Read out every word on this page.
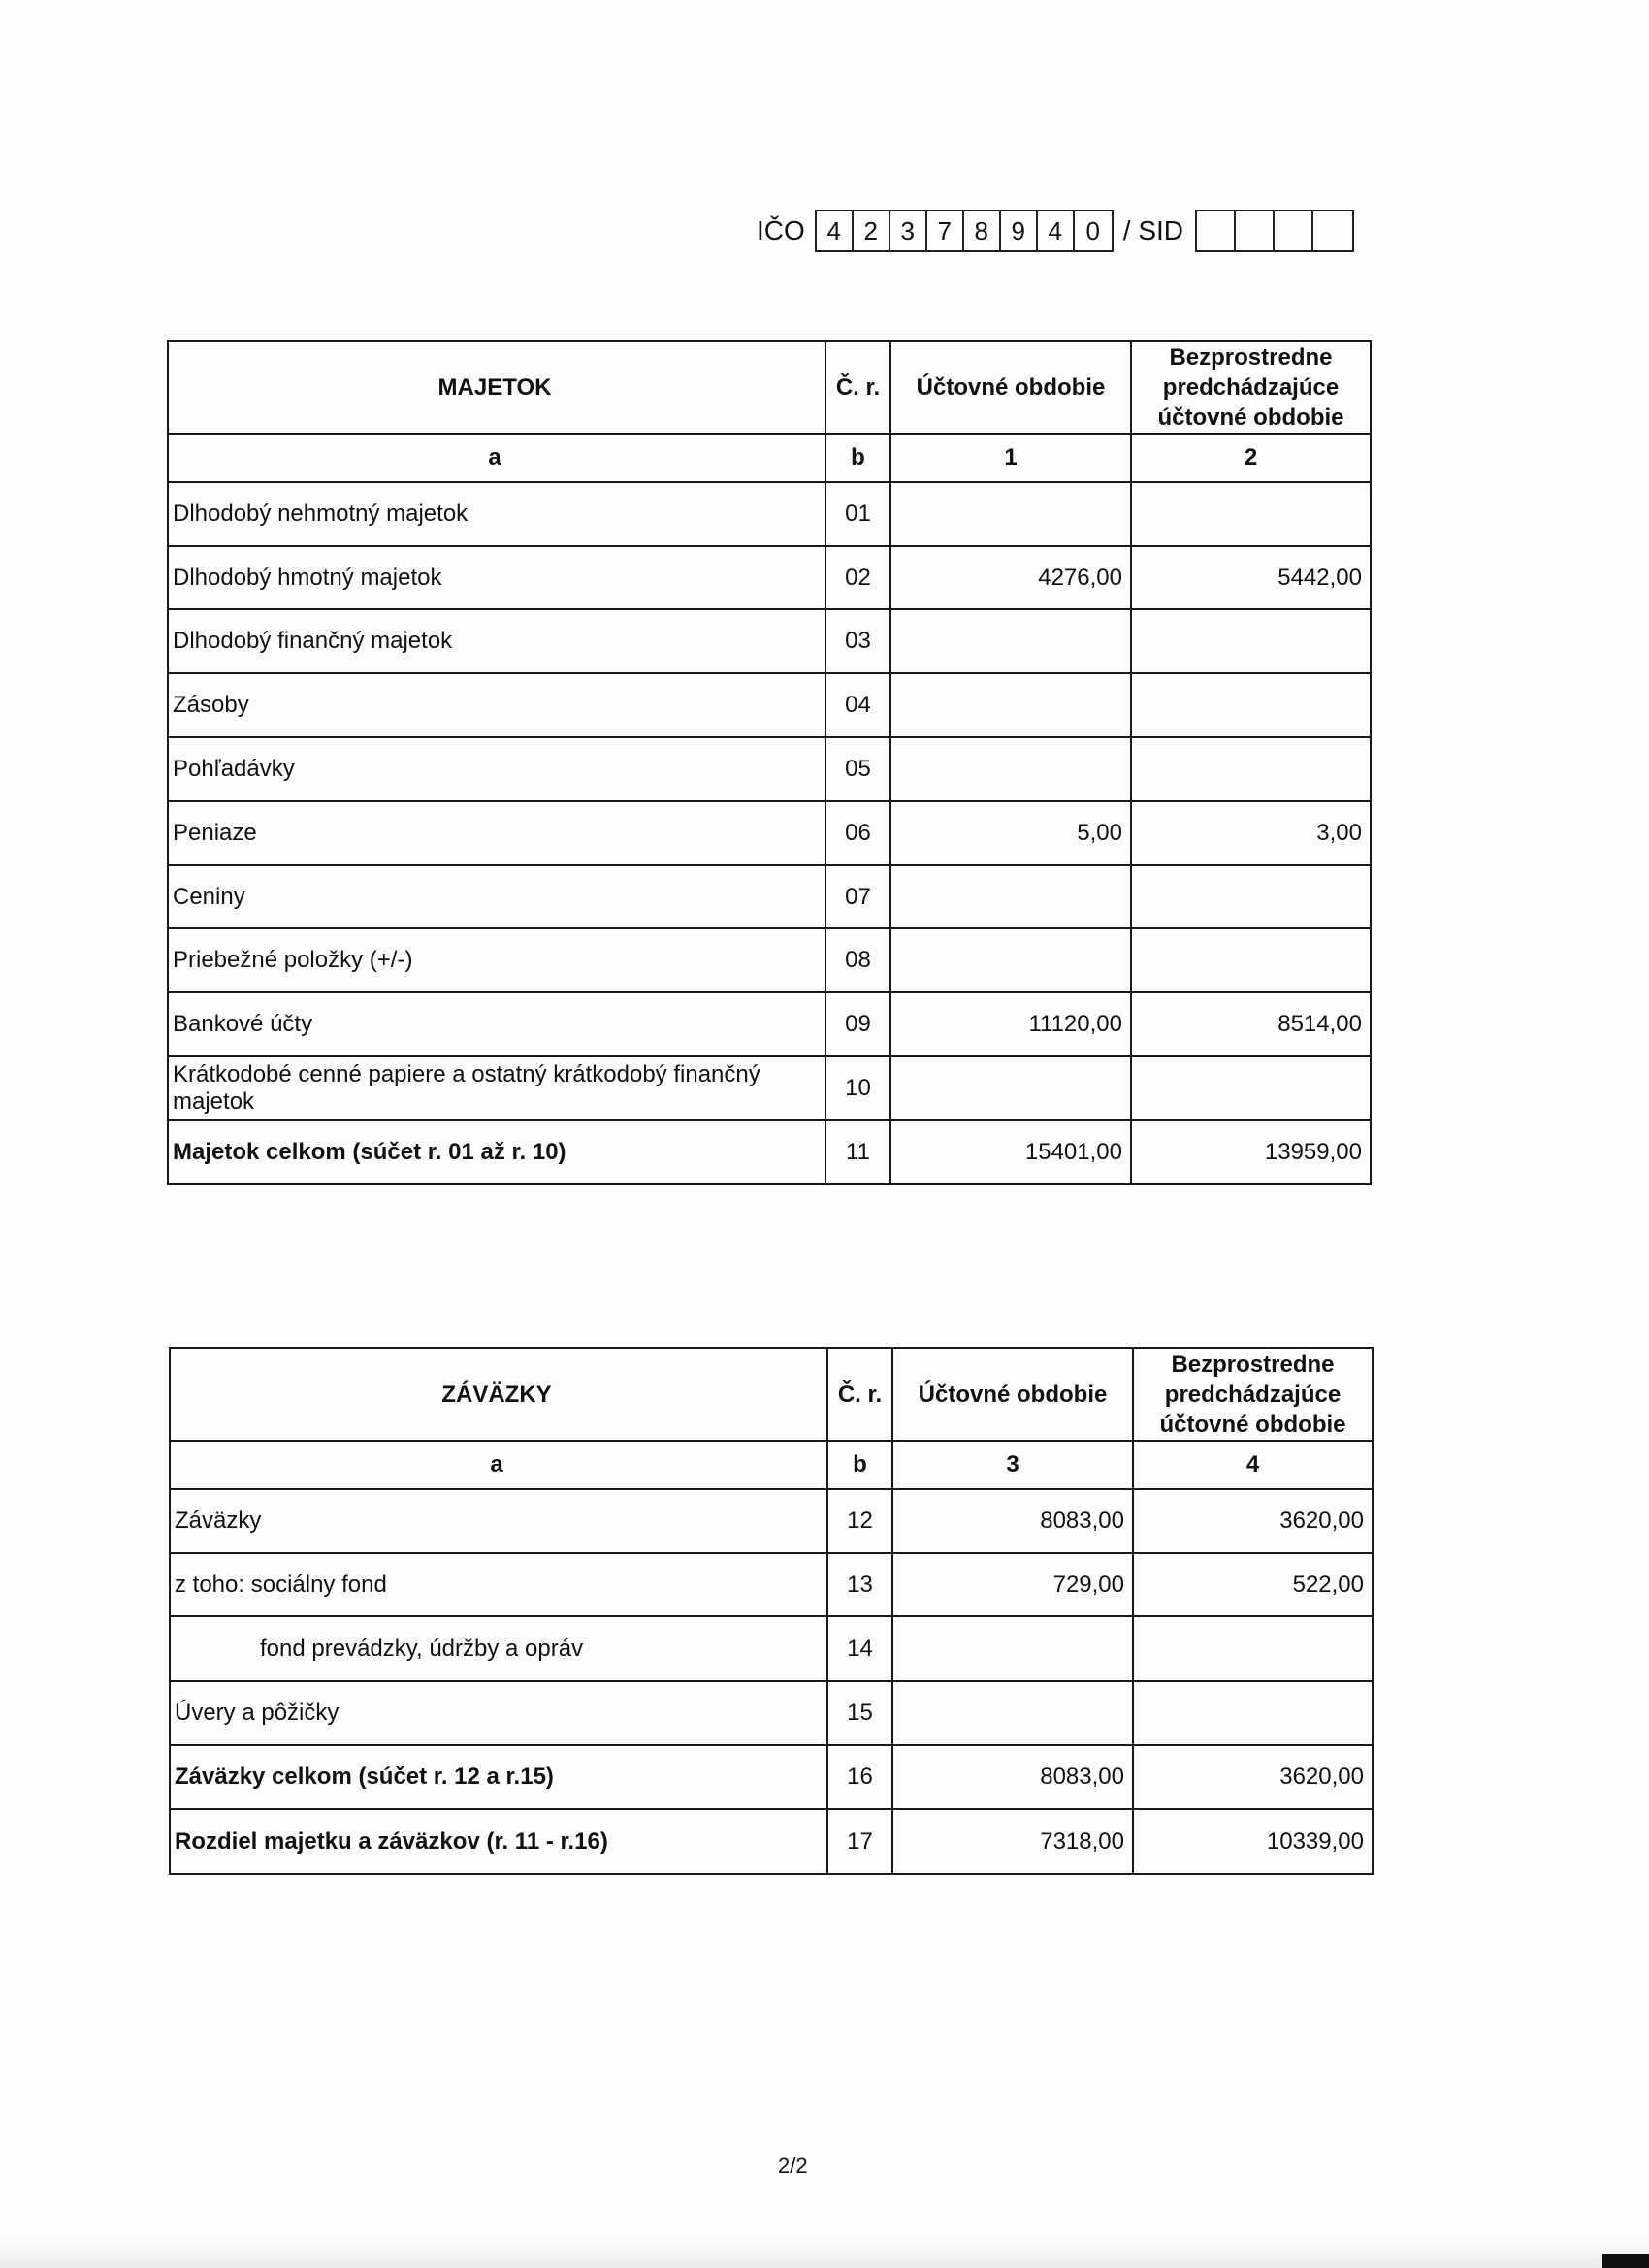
IČO 4 2 3 7 8 9 4 0 / SID
MAJETOK	Č. r.	Účtovné obdobie	Bezprostredne predchádzajúce účtovné obdobie
a	b	1	2
Dlhodobý nehmotný majetok	01		
Dlhodobý hmotný majetok	02	4276,00	5442,00
Dlhodobý finančný majetok	03		
Zásoby	04		
Pohľadávky	05		
Peniaze	06	5,00	3,00
Ceniny	07		
Priebežné položky (+/-)	08		
Bankové účty	09	11120,00	8514,00
Krátkodobé cenné papiere a ostatný krátkodobý finančný majetok	10		
Majetok celkom (súčet r. 01 až r. 10)	11	15401,00	13959,00
ZÁVÄZKY	Č. r.	Účtovné obdobie	Bezprostredne predchádzajúce účtovné obdobie
a	b	3	4
Záväzky	12	8083,00	3620,00
z toho: sociálny fond	13	729,00	522,00
fond prevádzky, údržby a opráv	14		
Úvery a pôžičky	15		
Záväzky celkom (súčet r. 12 a r.15)	16	8083,00	3620,00
Rozdiel majetku a záväzkov (r. 11 - r.16)	17	7318,00	10339,00
2/2
